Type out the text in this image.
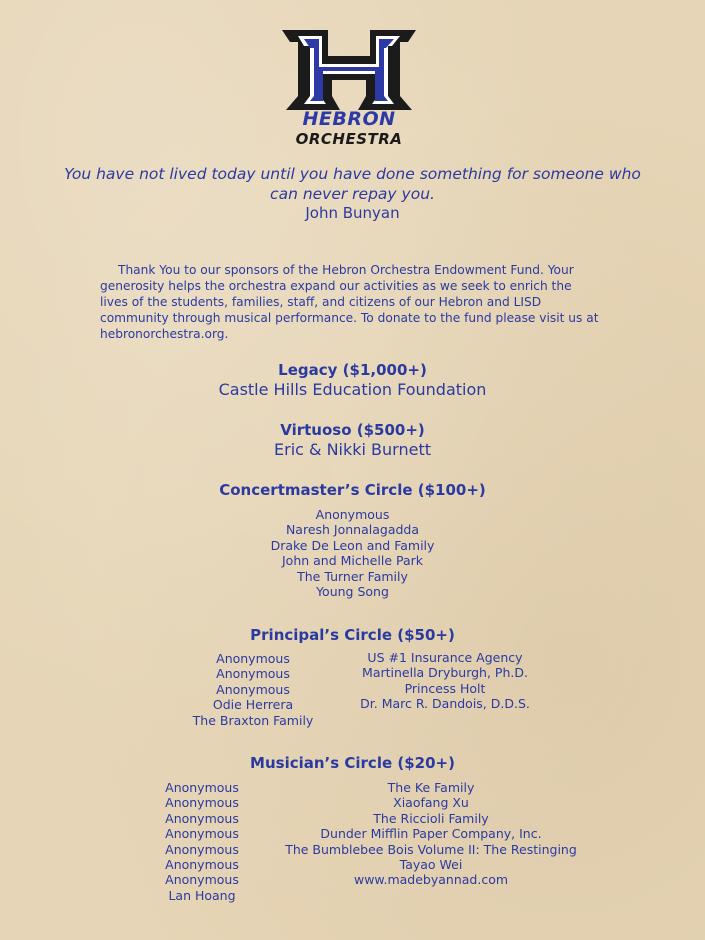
HEBRON
ORCHESTRA
You have not lived today until you have done something for someone who can never repay you.
John Bunyan
Thank You to our sponsors of the Hebron Orchestra Endowment Fund. Your generosity helps the orchestra expand our activities as we seek to enrich the lives of the students, families, staff, and citizens of our Hebron and LISD community through musical performance. To donate to the fund please visit us at hebronorchestra.org.
Legacy ($1,000+)
Castle Hills Education Foundation
Virtuoso ($500+)
Eric & Nikki Burnett
Concertmaster’s Circle ($100+)
Anonymous
Naresh Jonnalagadda
Drake De Leon and Family
John and Michelle Park
The Turner Family
Young Song
Principal’s Circle ($50+)
Anonymous
Anonymous
Anonymous
Odie Herrera
The Braxton Family
US #1 Insurance Agency
Martinella Dryburgh, Ph.D.
Princess Holt
Dr. Marc R. Dandois, D.D.S.
Musician’s Circle ($20+)
Anonymous
Anonymous
Anonymous
Anonymous
Anonymous
Anonymous
Anonymous
Lan Hoang
The Ke Family
Xiaofang Xu
The Riccioli Family
Dunder Mifflin Paper Company, Inc.
The Bumblebee Bois Volume II: The Restinging
Tayao Wei
www.madebyannad.com
